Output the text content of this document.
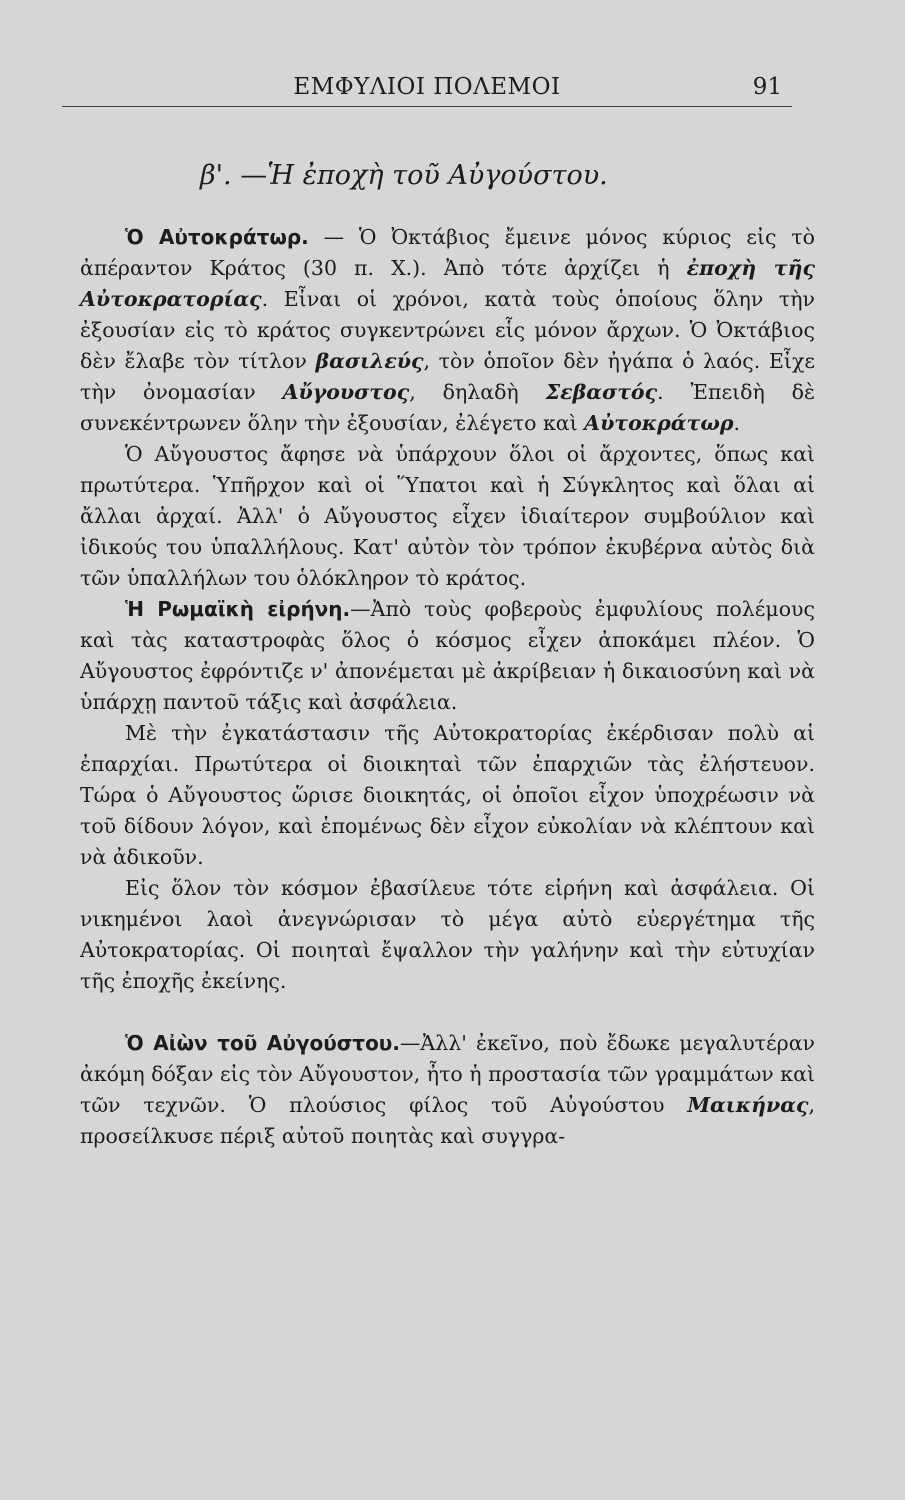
ΕΜΦΥΛΙΟΙ ΠΟΛΕΜΟΙ	91
β'. —Ἡ ἐποχὴ τοῦ Αὐγούστου.

Ὁ Αὐτοκράτωρ. — Ὁ Ὀκτάβιος ἔμεινε μόνος κύριος εἰς τὸ ἀπέραντον Κράτος (30 π. Χ.). Ἀπὸ τότε ἀρχίζει ἡ ἐποχὴ τῆς Αὐτοκρατορίας. Εἶναι οἱ χρόνοι, κατὰ τοὺς ὁποίους ὅλην τὴν ἐξουσίαν εἰς τὸ κράτος συγκεντρώνει εἷς μόνον ἄρχων. Ὁ Ὀκτάβιος δὲν ἔλαβε τὸν τίτλον βασιλεύς, τὸν ὁποῖον δὲν ἠγάπα ὁ λαός. Εἶχε τὴν ὀνομασίαν Αὔγουστος, δηλαδὴ Σεβαστός. Ἐπειδὴ δὲ συνεκέντρωνεν ὅλην τὴν ἐξουσίαν, ἐλέγετο καὶ Αὐτοκράτωρ.

Ὁ Αὔγουστος ἄφησε νὰ ὑπάρχουν ὅλοι οἱ ἄρχοντες, ὅπως καὶ πρωτύτερα. Ὑπῆρχον καὶ οἱ Ὕπατοι καὶ ἡ Σύγκλητος καὶ ὅλαι αἱ ἄλλαι ἀρχαί. Ἀλλ' ὁ Αὔγουστος εἶχεν ἰδιαίτερον συμβούλιον καὶ ἰδικούς του ὑπαλλήλους. Κατ' αὐτὸν τὸν τρόπον ἐκυβέρνα αὐτὸς διὰ τῶν ὑπαλλήλων του ὁλόκληρον τὸ κράτος.

Ἡ Ρωμαϊκὴ εἰρήνη.—Ἀπὸ τοὺς φοβεροὺς ἐμφυλίους πολέμους καὶ τὰς καταστροφὰς ὅλος ὁ κόσμος εἶχεν ἀποκάμει πλέον. Ὁ Αὔγουστος ἐφρόντιζε ν' ἀπονέμεται μὲ ἀκρίβειαν ἡ δικαιοσύνη καὶ νὰ ὑπάρχῃ παντοῦ τάξις καὶ ἀσφάλεια.

Μὲ τὴν ἐγκατάστασιν τῆς Αὐτοκρατορίας ἐκέρδισαν πολὺ αἱ ἐπαρχίαι. Πρωτύτερα οἱ διοικηταὶ τῶν ἐπαρχιῶν τὰς ἐλήστευον. Τώρα ὁ Αὔγουστος ὥρισε διοικητάς, οἱ ὁποῖοι εἶχον ὑποχρέωσιν νὰ τοῦ δίδουν λόγον, καὶ ἑπομένως δὲν εἶχον εὐκολίαν νὰ κλέπτουν καὶ νὰ ἀδικοῦν.

Εἰς ὅλον τὸν κόσμον ἐβασίλευε τότε εἰρήνη καὶ ἀσφάλεια. Οἱ νικημένοι λαοὶ ἀνεγνώρισαν τὸ μέγα αὐτὸ εὐεργέτημα τῆς Αὐτοκρατορίας. Οἱ ποιηταὶ ἔψαλλον τὴν γαλήνην καὶ τὴν εὐτυχίαν τῆς ἐποχῆς ἐκείνης.

Ὁ Αἰὼν τοῦ Αὐγούστου.—Ἀλλ' ἐκεῖνο, ποὺ ἔδωκε μεγαλυτέραν ἀκόμη δόξαν εἰς τὸν Αὔγουστον, ἦτο ἡ προστασία τῶν γραμμάτων καὶ τῶν τεχνῶν. Ὁ πλούσιος φίλος τοῦ Αὐγούστου Μαικήνας, προσείλκυσε πέριξ αὐτοῦ ποιητὰς καὶ συγγρα-
